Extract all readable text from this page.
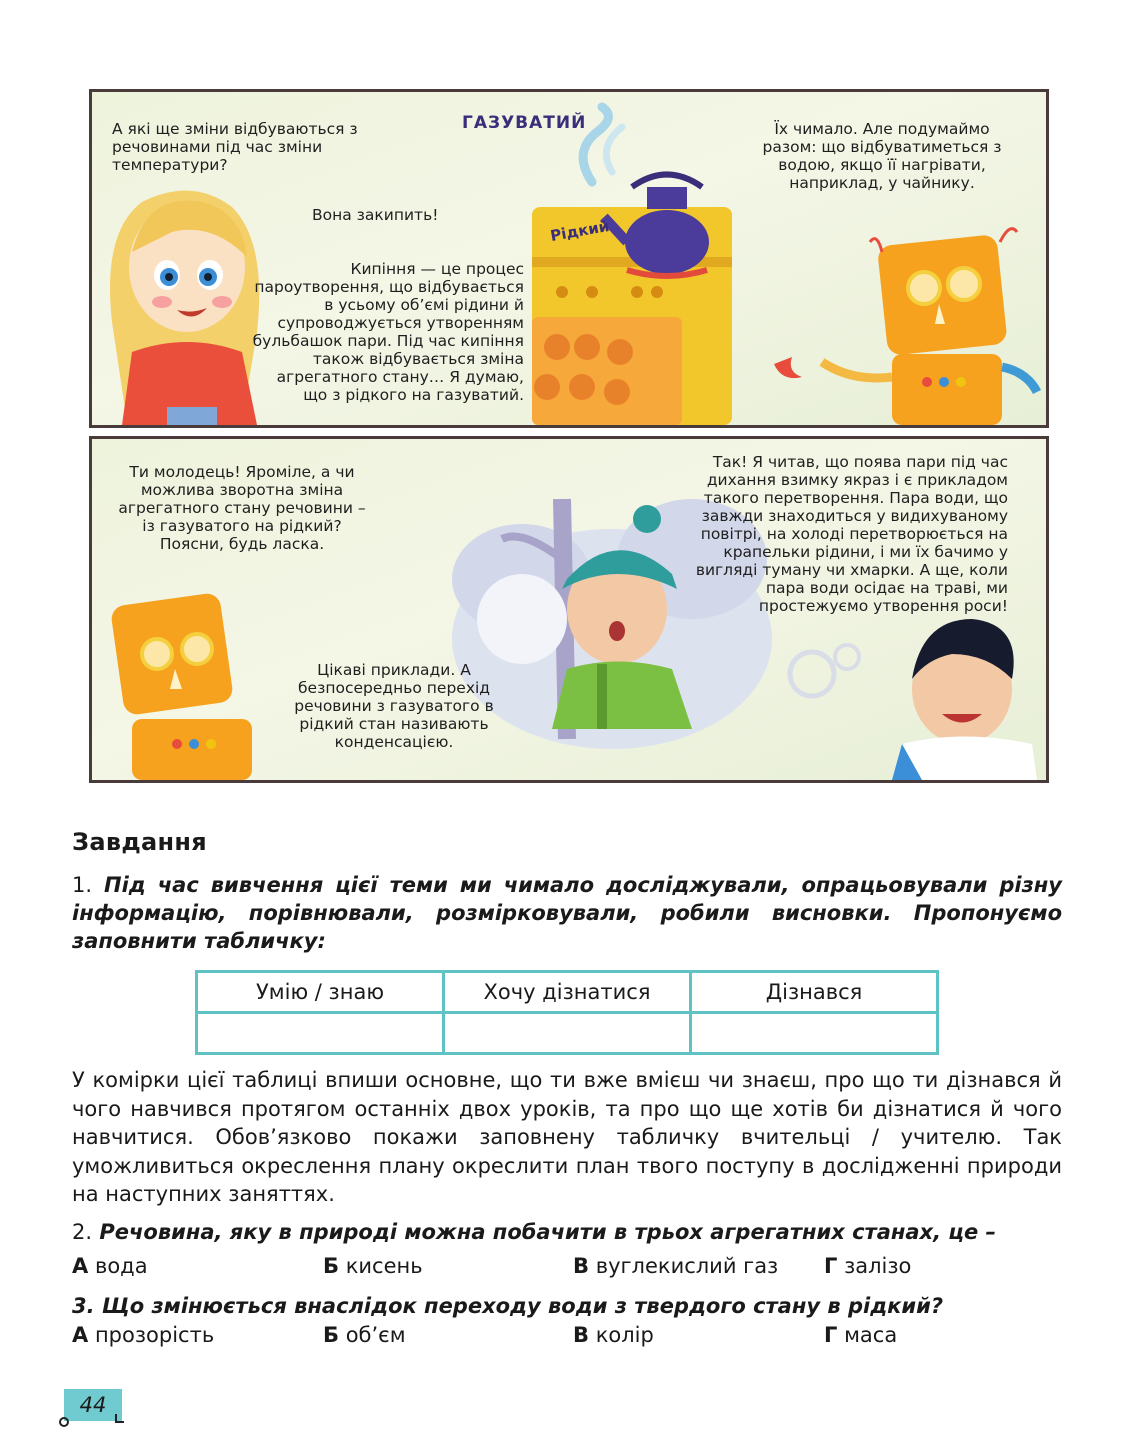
А які ще зміни відбуваються з речовинами під час зміни температури?
ГАЗУВАТИЙ
Рідкий
Їх чимало. Але подумаймо разом: що відбуватиметься з водою, якщо її нагрівати, наприклад, у чайнику.
Вона закипить!
Кипіння — це процес пароутворення, що відбувається в усьому об’ємі рідини й супроводжується утворенням бульбашок пари. Під час кипіння також відбувається зміна агрегатного стану… Я думаю, що з рідкого на газуватий.
Ти молодець! Яроміле, а чи можлива зворотна зміна агрегатного стану речовини – із газуватого на рідкий? Поясни, будь ласка.
Так! Я читав, що поява пари під час дихання взимку якраз і є прикладом такого перетворення. Пара води, що завжди знаходиться у видихуваному повітрі, на холоді перетворюється на крапельки рідини, і ми їх бачимо у вигляді туману чи хмарки. А ще, коли пара води осідає на траві, ми простежуємо утворення роси!
Цікаві приклади. А безпосередньо перехід речовини з газуватого в рідкий стан називають конденсацією.
Завдання
1. Під час вивчення цієї теми ми чимало досліджували, опрацьовували різну інформацію, порівнювали, розмірковували, робили висновки. Пропонуємо заповнити табличку:
Умію / знаю	Хочу дізнатися	Дізнався

У комірки цієї таблиці впиши основне, що ти вже вмієш чи знаєш, про що ти дізнався й чого навчився протягом останніх двох уроків, та про що ще хотів би дізнатися й чого навчитися. Обов’язково покажи заповнену табличку вчительці / учителю. Так уможливиться окреслення плану окреслити план твого поступу в дослідженні природи на наступних заняттях.
2. Речовина, яку в природі можна побачити в трьох агрегатних станах, це –
А вода	Б кисень	В вуглекислий газ Г залізо
3. Що змінюється внаслідок переходу води з твердого стану в рідкий?
А прозорість	Б об’єм	В колір	Г маса
44
